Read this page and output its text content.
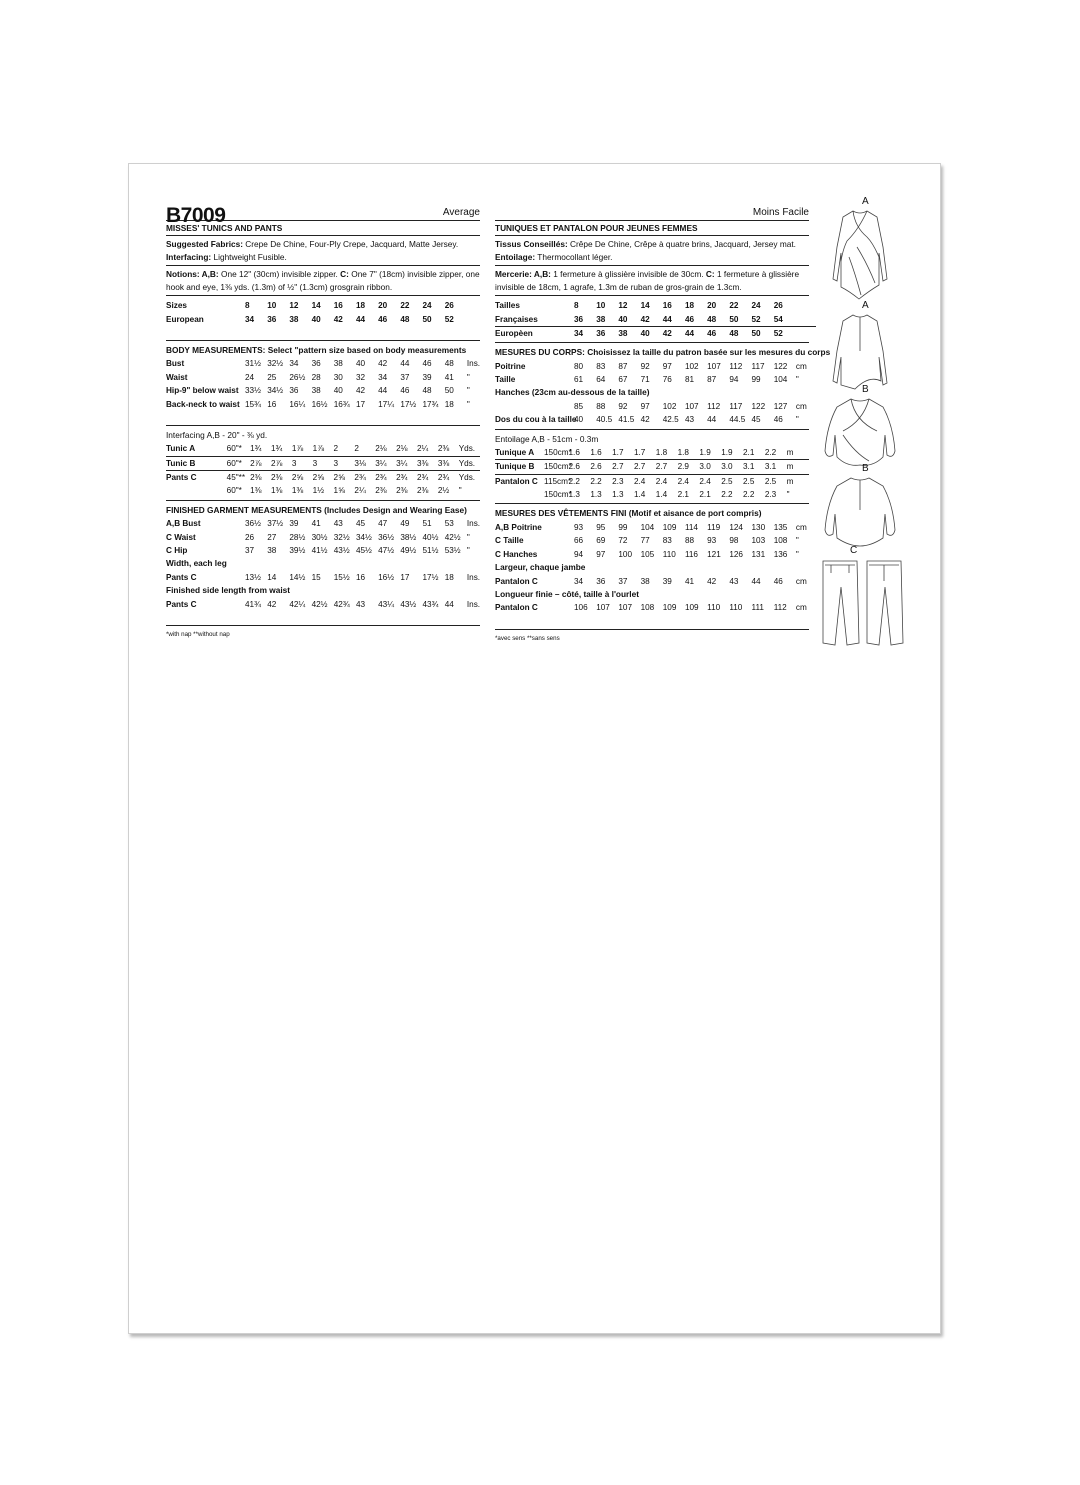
B7009	Average
MISSES' TUNICS AND PANTS
Suggested Fabrics: Crepe De Chine, Four-Ply Crepe, Jacquard, Matte Jersey. Interfacing: Lightweight Fusible.
Notions: A,B: One 12" (30cm) invisible zipper. C: One 7" (18cm) invisible zipper, one hook and eye, 1⅜ yds. (1.3m) of ½" (1.3cm) grosgrain ribbon.
Sizes	8	10	12	14	16	18	20	22	24	26	
European	34	36	38	40	42	44	46	48	50	52	
BODY MEASUREMENTS: Select "pattern size based on body measurements
Bust	31½	32½	34	36	38	40	42	44	46	48	Ins.
Waist	24	25	26½	28	30	32	34	37	39	41	"
Hip-9" below waist	33½	34½	36	38	40	42	44	46	48	50	"
Back-neck to waist	15¾	16	16¼	16½	16¾	17	17¼	17½	17¾	18	"
Interfacing A,B - 20" - ⅜ yd.
Tunic A	60"*	1¾	1¾	1⅞	1⅞	2	2	2⅛	2⅛	2¼	2⅜	Yds.
Tunic B	60"*	2⅞	2⅞	3	3	3	3⅛	3¼	3¼	3⅜	3⅜	Yds.
Pants C	45"**	2⅜	2⅜	2⅝	2⅝	2⅝	2¾	2¾	2¾	2¾	2¾	Yds.
	60"*	1⅜	1⅜	1⅜	1½	1⅝	2¼	2⅜	2⅜	2⅜	2½	"
FINISHED GARMENT MEASUREMENTS (Includes Design and Wearing Ease)
A,B Bust	36½	37½	39	41	43	45	47	49	51	53	Ins.
C Waist	26	27	28½	30½	32½	34½	36½	38½	40½	42½	"
C Hip	37	38	39½	41½	43½	45½	47½	49½	51½	53½	"
Width, each leg
Pants C	13½	14	14½	15	15½	16	16½	17	17½	18	Ins.
Finished side length from waist
Pants C	41¾	42	42¼	42½	42¾	43	43¼	43½	43¾	44	Ins.
*with nap **without nap
Moins Facile
TUNIQUES ET PANTALON POUR JEUNES FEMMES
Tissus Conseillés: Crêpe De Chine, Crêpe à quatre brins, Jacquard, Jersey mat. Entoilage: Thermocollant léger.
Mercerie: A,B: 1 fermeture à glissière invisible de 30cm. C: 1 fermeture à glissière invisible de 18cm, 1 agrafe, 1.3m de ruban de gros-grain de 1.3cm.
Tailles	8	10	12	14	16	18	20	22	24	26	
Françaises	36	38	40	42	44	46	48	50	52	54	
Europèen	34	36	38	40	42	44	46	48	50	52	
MESURES DU CORPS: Choisissez la taille du patron basée sur les mesures du corps
Poitrine	80	83	87	92	97	102	107	112	117	122	cm
Taille	61	64	67	71	76	81	87	94	99	104	"
Hanches (23cm au-dessous de la taille)
	85	88	92	97	102	107	112	117	122	127	cm
Dos du cou à la taille	40	40.5	41.5	42	42.5	43	44	44.5	45	46	"
Entoilage A,B - 51cm - 0.3m
Tunique A	150cm*	1.6	1.6	1.7	1.7	1.8	1.8	1.9	1.9	2.1	2.2	m
Tunique B	150cm*	2.6	2.6	2.7	2.7	2.7	2.9	3.0	3.0	3.1	3.1	m
Pantalon C	115cm*	2.2	2.2	2.3	2.4	2.4	2.4	2.4	2.5	2.5	2.5	m
	150cm*	1.3	1.3	1.3	1.4	1.4	2.1	2.1	2.2	2.2	2.3	"
MESURES DES VÊTEMENTS FINI (Motif et aisance de port compris)
A,B Poitrine	93	95	99	104	109	114	119	124	130	135	cm
C Taille	66	69	72	77	83	88	93	98	103	108	"
C Hanches	94	97	100	105	110	116	121	126	131	136	"
Largeur, chaque jambe
Pantalon C	34	36	37	38	39	41	42	43	44	46	cm
Longueur finie – côté, taille à l'ourlet
Pantalon C	106	107	107	108	109	109	110	110	111	112	cm
*avec sens **sans sens
A
A
B
B
C
